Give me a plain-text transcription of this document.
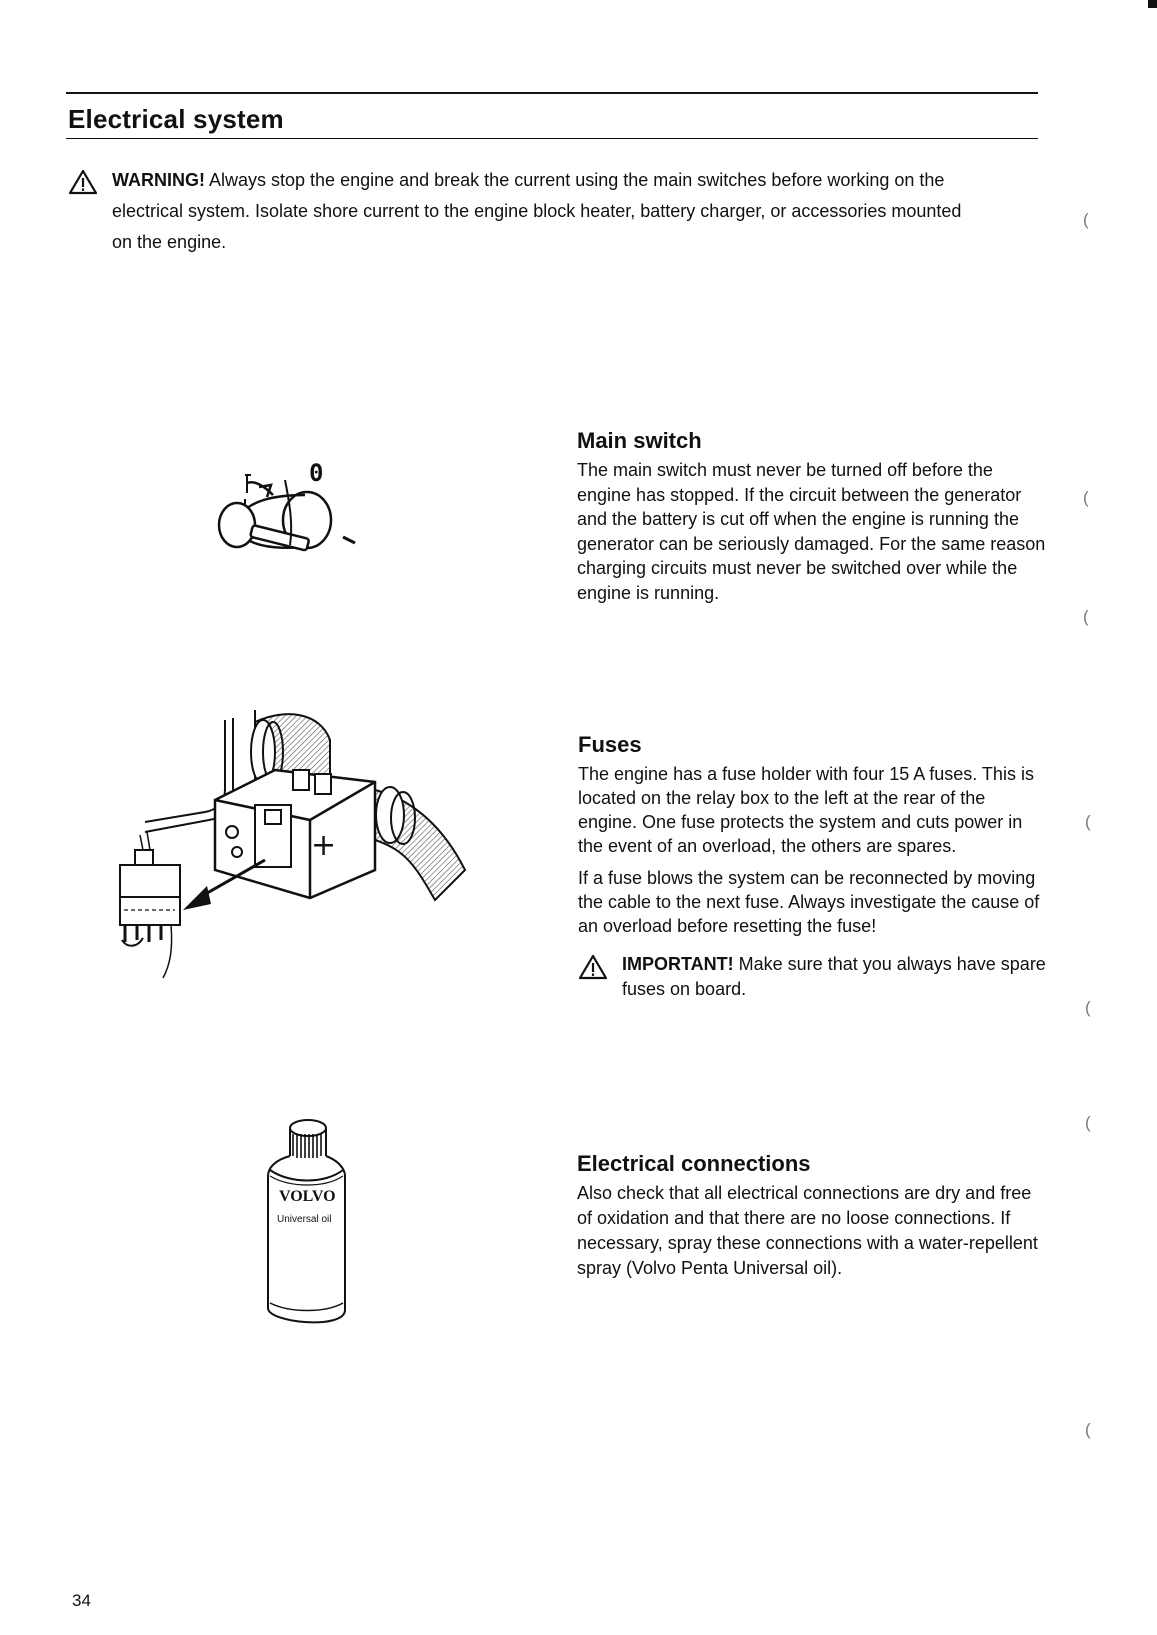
Electrical system

WARNING! Always stop the engine and break the current using the main switches before working on the

electrical system. Isolate shore current to the engine block heater, battery charger, or accessories mounted
on the engine.
Main switch

The main switch must never be turned off before the engine has stopped. If the circuit between the generator and the battery is cut off when the engine is running the generator can be seriously damaged. For the same reason charging circuits must never be switched over while the engine is running.

0
Fuses

The engine has a fuse holder with four 15 A fuses. This is located on the relay box to the left at the rear of the engine. One fuse protects the system and cuts power in the event of an overload, the others are spares.

If a fuse blows the system can be reconnected by moving the cable to the next fuse. Always investigate the cause of an overload before resetting the fuse!

IMPORTANT! Make sure that you always have spare fuses on board.

+
Electrical connections

Also check that all electrical connections are dry and free of oxidation and that there are no loose connections. If necessary, spray these connections with a water-repellent spray (Volvo Penta Universal oil).

VOLVO
Universal oil
(
(
(
(
(
(
(
34
